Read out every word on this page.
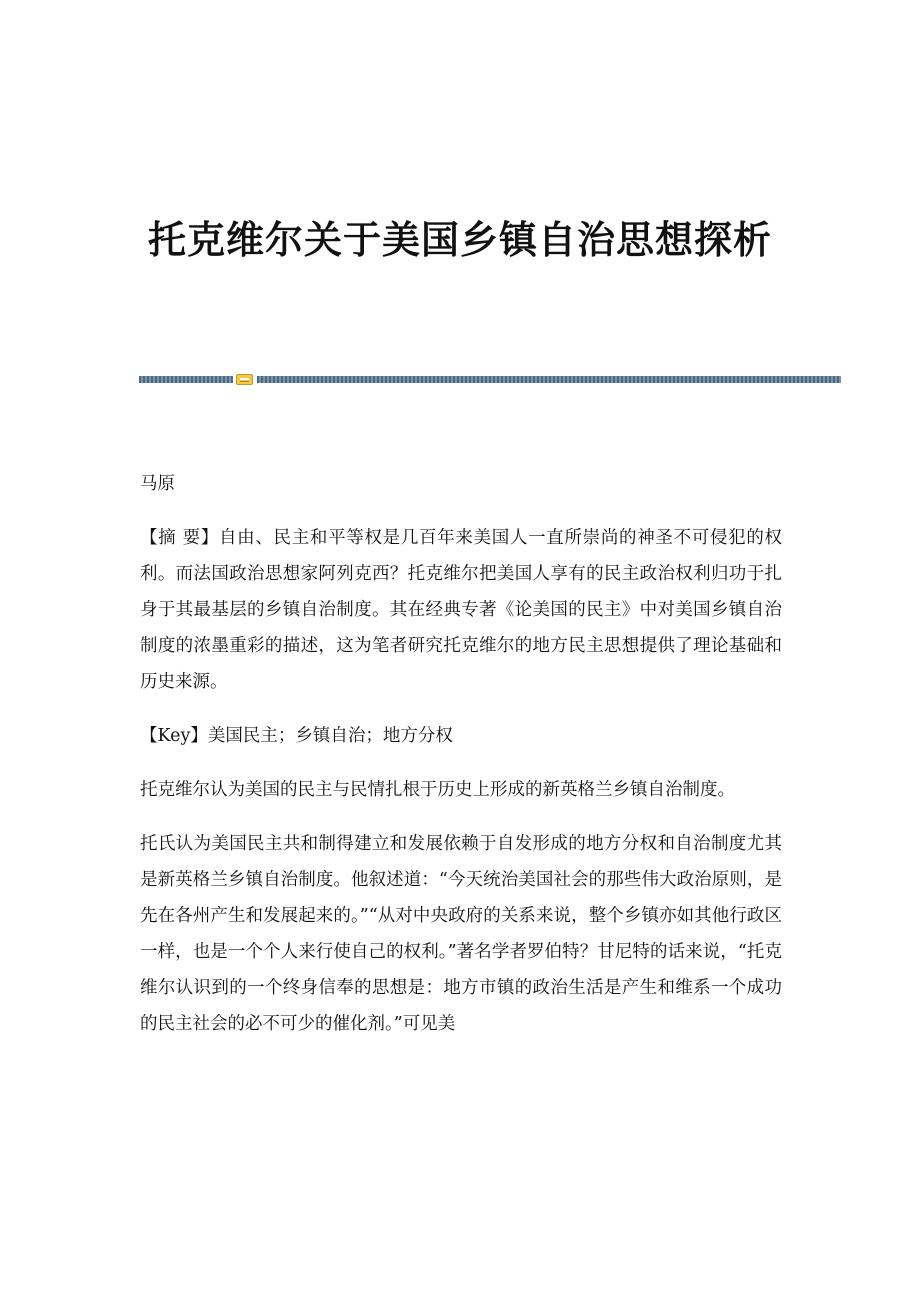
托克维尔关于美国乡镇自治思想探析
马原
【摘 要】自由、民主和平等权是几百年来美国人一直所崇尚的神圣不可侵犯的权利。而法国政治思想家阿列克西？托克维尔把美国人享有的民主政治权利归功于扎身于其最基层的乡镇自治制度。其在经典专著《论美国的民主》中对美国乡镇自治制度的浓墨重彩的描述，这为笔者研究托克维尔的地方民主思想提供了理论基础和历史来源。
【Key】美国民主；乡镇自治；地方分权
托克维尔认为美国的民主与民情扎根于历史上形成的新英格兰乡镇自治制度。
托氏认为美国民主共和制得建立和发展依赖于自发形成的地方分权和自治制度尤其是新英格兰乡镇自治制度。他叙述道：“今天统治美国社会的那些伟大政治原则，是先在各州产生和发展起来的。”“从对中央政府的关系来说，整个乡镇亦如其他行政区一样，也是一个个人来行使自己的权利。”著名学者罗伯特？甘尼特的话来说，“托克维尔认识到的一个终身信奉的思想是：地方市镇的政治生活是产生和维系一个成功的民主社会的必不可少的催化剂。”可见美
